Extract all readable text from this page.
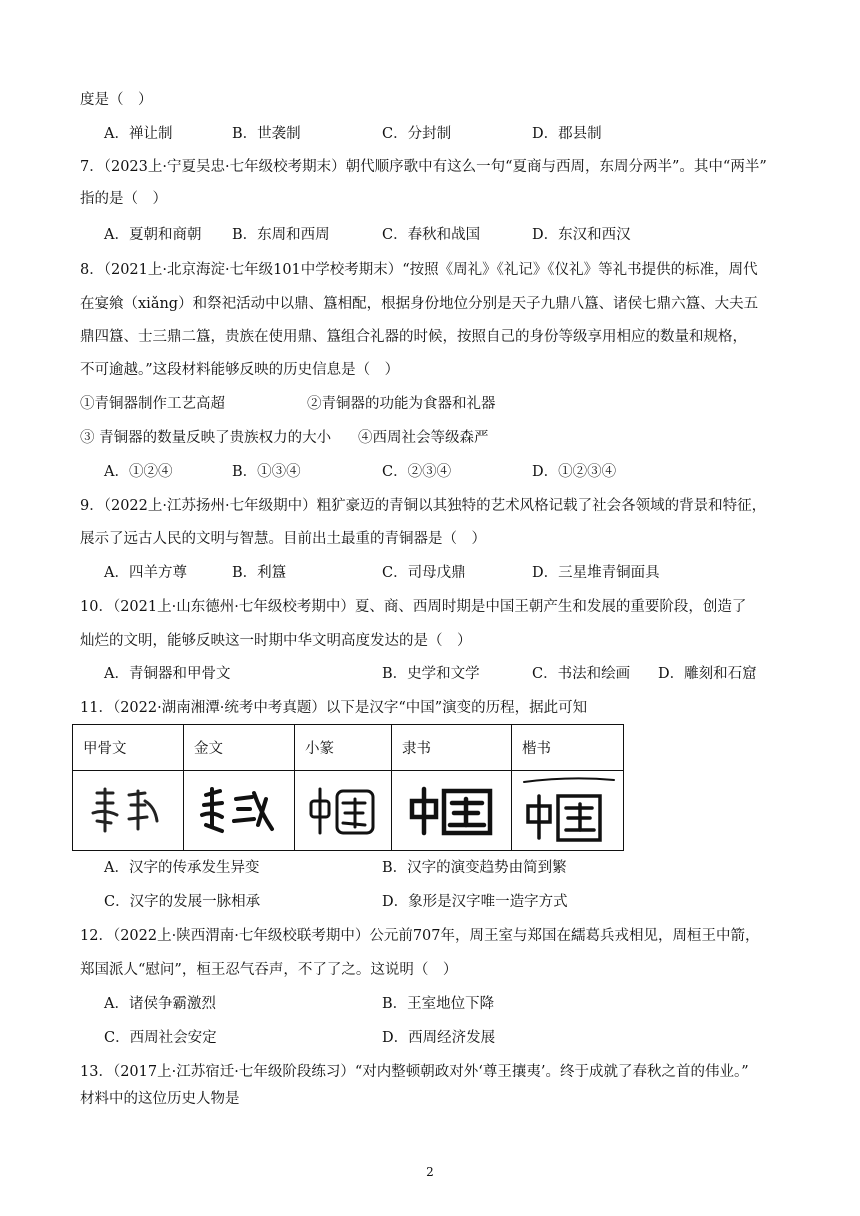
度是（　）
A．禅让制	B．世袭制	C．分封制	D．郡县制
7．（2023上·宁夏吴忠·七年级校考期末）朝代顺序歌中有这么一句“夏商与西周，东周分两半”。其中“两半”
指的是（　）
A．夏朝和商朝 B．东周和西周	C．春秋和战国	D．东汉和西汉
8．（2021上·北京海淀·七年级101中学校考期末）“按照《周礼》《礼记》《仪礼》等礼书提供的标准，周代
在宴飨（xiǎng）和祭祀活动中以鼎、簋相配，根据身份地位分别是天子九鼎八簋、诸侯七鼎六簋、大夫五
鼎四簋、士三鼎二簋，贵族在使用鼎、簋组合礼器的时候，按照自己的身份等级享用相应的数量和规格，
不可逾越。”这段材料能够反映的历史信息是（　）
①青铜器制作工艺高超	②青铜器的功能为食器和礼器
③ 青铜器的数量反映了贵族权力的大小 ④西周社会等级森严
A．①②④	B．①③④	C．②③④	D．①②③④
9．（2022上·江苏扬州·七年级期中）粗犷豪迈的青铜以其独特的艺术风格记载了社会各领域的背景和特征，
展示了远古人民的文明与智慧。目前出土最重的青铜器是（　）
A．四羊方尊	B．利簋	C．司母戊鼎	D．三星堆青铜面具
10．（2021上·山东德州·七年级校考期中）夏、商、西周时期是中国王朝产生和发展的重要阶段，创造了
灿烂的文明，能够反映这一时期中华文明高度发达的是（　）
A．青铜器和甲骨文	B．史学和文学	C．书法和绘画 D．雕刻和石窟
11．（2022·湖南湘潭·统考中考真题）以下是汉字“中国”演变的历程，据此可知
甲骨文	金文	小篆	隶书	楷书

A．汉字的传承发生异变	B．汉字的演变趋势由简到繁
C．汉字的发展一脉相承	D．象形是汉字唯一造字方式
12．（2022上·陕西渭南·七年级校联考期中）公元前707年，周王室与郑国在繻葛兵戎相见，周桓王中箭，
郑国派人“慰问”，桓王忍气吞声，不了了之。这说明（　）
A．诸侯争霸激烈	B．王室地位下降
C．西周社会安定	D．西周经济发展
13．（2017上·江苏宿迁·七年级阶段练习）“对内整顿朝政对外‘尊王攘夷’。终于成就了春秋之首的伟业。”
材料中的这位历史人物是
2
